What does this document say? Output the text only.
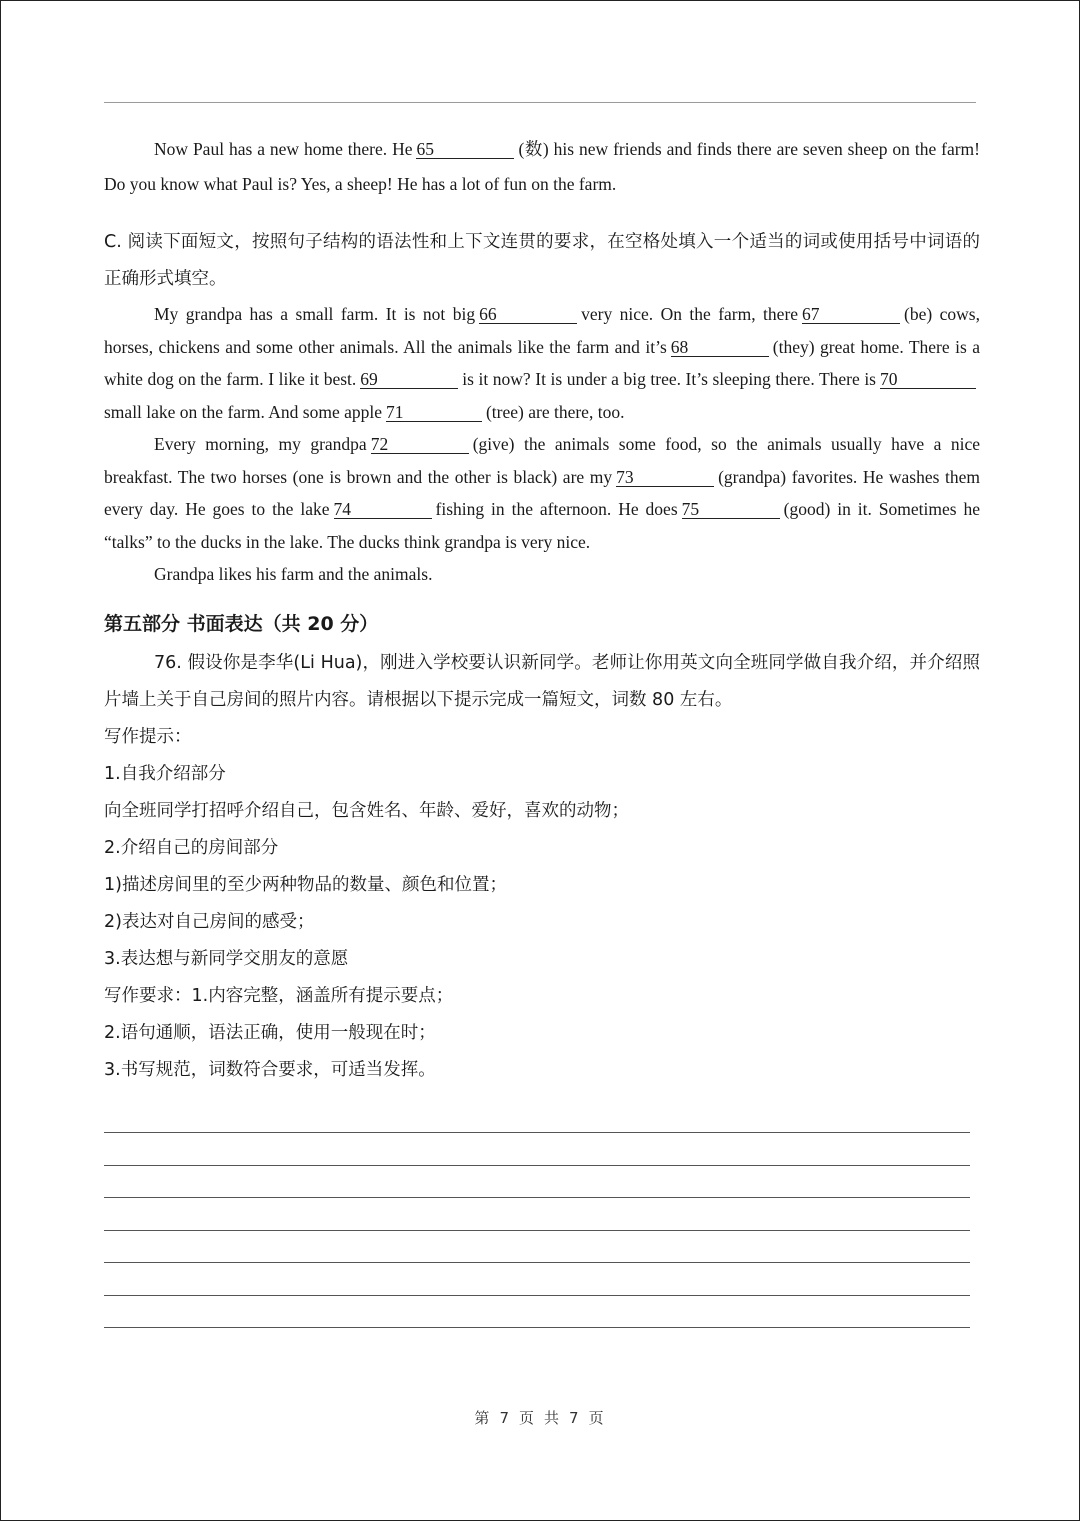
Now Paul has a new home there. He 65	(数) his new friends and finds there are seven sheep on the farm! Do you know what Paul is? Yes, a sheep! He has a lot of fun on the farm.

C. 阅读下面短文，按照句子结构的语法性和上下文连贯的要求，在空格处填入一个适当的词或使用括号中词语的正确形式填空。

My grandpa has a small farm. It is not big 66	very nice. On the farm, there 67	(be) cows, horses, chickens and some other animals. All the animals like the farm and it’s 68	(they) great home. There is a white dog on the farm. I like it best. 69	is it now? It is under a big tree. It’s sleeping there. There is 70small lake on the farm. And some apple 71	(tree) are there, too.

Every morning, my grandpa 72	(give) the animals some food, so the animals usually have a nice breakfast. The two horses (one is brown and the other is black) are my 73	(grandpa) favorites. He washes them every day. He goes to the lake 74	fishing in the afternoon. He does 75	(good) in it. Sometimes he “talks” to the ducks in the lake. The ducks think grandpa is very nice.

Grandpa likes his farm and the animals.

第五部分 书面表达（共 20 分）

76. 假设你是李华(Li Hua)，刚进入学校要认识新同学。老师让你用英文向全班同学做自我介绍，并介绍照片墙上关于自己房间的照片内容。请根据以下提示完成一篇短文，词数 80 左右。

写作提示：
1.自我介绍部分
向全班同学打招呼介绍自己，包含姓名、年龄、爱好，喜欢的动物；
2.介绍自己的房间部分
1)描述房间里的至少两种物品的数量、颜色和位置；
2)表达对自己房间的感受；
3.表达想与新同学交朋友的意愿
写作要求：1.内容完整，涵盖所有提示要点；
2.语句通顺，语法正确，使用一般现在时；
3.书写规范，词数符合要求，可适当发挥。
第 7 页 共 7 页
